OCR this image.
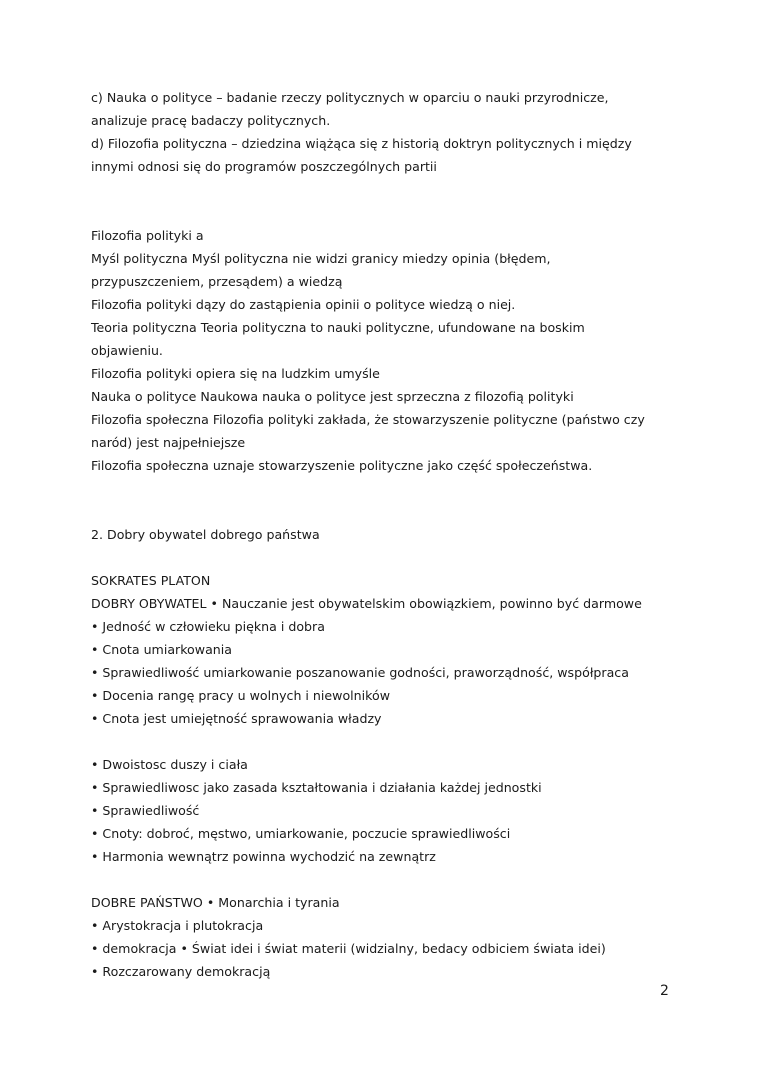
c) Nauka o polityce – badanie rzeczy politycznych w oparciu o nauki przyrodnicze,
analizuje pracę badaczy politycznych.
d) Filozofia polityczna – dziedzina wiążąca się z historią doktryn politycznych i między
innymi odnosi się do programów poszczególnych partii
Filozofia polityki a
Myśl polityczna Myśl polityczna nie widzi granicy miedzy opinia (błędem,
przypuszczeniem, przesądem) a wiedzą
Filozofia polityki dązy do zastąpienia opinii o polityce wiedzą o niej.
Teoria polityczna Teoria polityczna to nauki polityczne, ufundowane na boskim
objawieniu.
Filozofia polityki opiera się na ludzkim umyśle
Nauka o polityce Naukowa nauka o polityce jest sprzeczna z filozofią polityki
Filozofia społeczna Filozofia polityki zakłada, że stowarzyszenie polityczne (państwo czy
naród) jest najpełniejsze
Filozofia społeczna uznaje stowarzyszenie polityczne jako część społeczeństwa.
2. Dobry obywatel dobrego państwa
SOKRATES PLATON
DOBRY OBYWATEL • Nauczanie jest obywatelskim obowiązkiem, powinno być darmowe
• Jedność w człowieku piękna i dobra
• Cnota umiarkowania
• Sprawiedliwość umiarkowanie poszanowanie godności, praworządność, współpraca
• Docenia rangę pracy u wolnych i niewolników
• Cnota jest umiejętność sprawowania władzy
• Dwoistosc duszy i ciała
• Sprawiedliwosc jako zasada kształtowania i działania każdej jednostki
• Sprawiedliwość
• Cnoty: dobroć, męstwo, umiarkowanie, poczucie sprawiedliwości
• Harmonia wewnątrz powinna wychodzić na zewnątrz
DOBRE PAŃSTWO • Monarchia i tyrania
• Arystokracja i plutokracja
• demokracja • Świat idei i świat materii (widzialny, bedacy odbiciem świata idei)
• Rozczarowany demokracją
2
